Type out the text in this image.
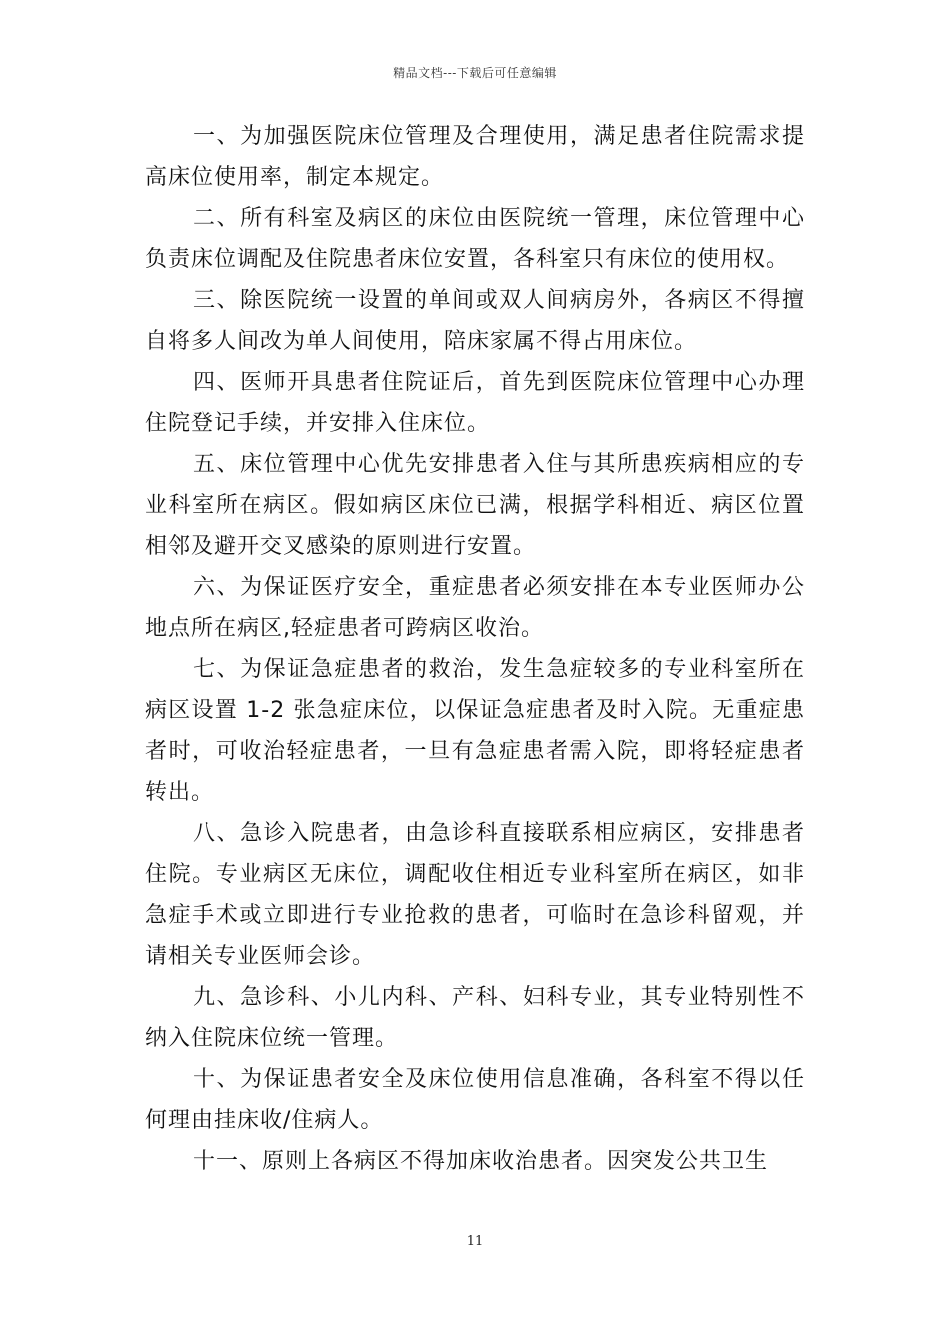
精品文档---下载后可任意编辑

一、为加强医院床位管理及合理使用，满足患者住院需求提高床位使用率，制定本规定。

二、所有科室及病区的床位由医院统一管理，床位管理中心负责床位调配及住院患者床位安置，各科室只有床位的使用权。

三、除医院统一设置的单间或双人间病房外，各病区不得擅自将多人间改为单人间使用，陪床家属不得占用床位。

四、医师开具患者住院证后，首先到医院床位管理中心办理住院登记手续，并安排入住床位。

五、床位管理中心优先安排患者入住与其所患疾病相应的专业科室所在病区。假如病区床位已满，根据学科相近、病区位置相邻及避开交叉感染的原则进行安置。

六、为保证医疗安全，重症患者必须安排在本专业医师办公地点所在病区,轻症患者可跨病区收治。

七、为保证急症患者的救治，发生急症较多的专业科室所在病区设置 1-2 张急症床位，以保证急症患者及时入院。无重症患者时，可收治轻症患者，一旦有急症患者需入院，即将轻症患者转出。

八、急诊入院患者，由急诊科直接联系相应病区，安排患者住院。专业病区无床位，调配收住相近专业科室所在病区，如非急症手术或立即进行专业抢救的患者，可临时在急诊科留观，并请相关专业医师会诊。

九、急诊科、小儿内科、产科、妇科专业，其专业特别性不纳入住院床位统一管理。

十、为保证患者安全及床位使用信息准确，各科室不得以任何理由挂床收/住病人。

十一、原则上各病区不得加床收治患者。因突发公共卫生

11
